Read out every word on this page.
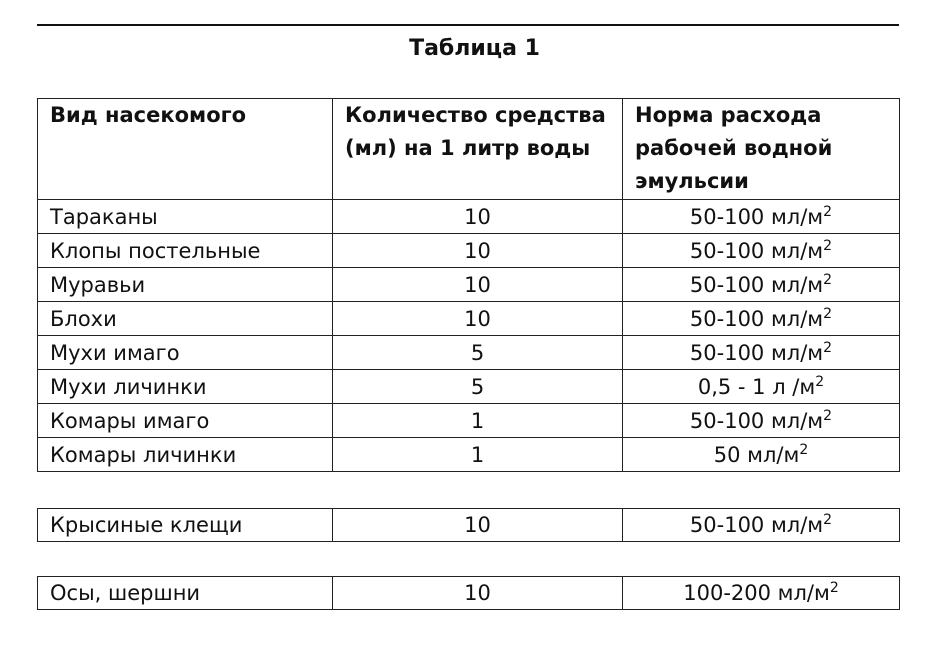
Таблица 1
Вид насекомого	Количество средства (мл) на 1 литр воды	Норма расхода рабочей водной эмульсии
Тараканы	10	50-100 $мл/м^2$
Клопы постельные	10	50-100 $мл/м^2$
Муравьи	10	50-100 $мл/м^2$
Блохи	10	50-100 $мл/м^2$
Мухи имаго	5	50-100 $мл/м^2$
Мухи личинки	5	0,5 - 1 л $/м^2$
Комары имаго	1	50-100 $мл/м^2$
Комары личинки	1	50 $мл/м^2$
Крысиные клещи	10	50-100 $мл/м^2$
Осы, шершни	10	100-200 $мл/м^2$
